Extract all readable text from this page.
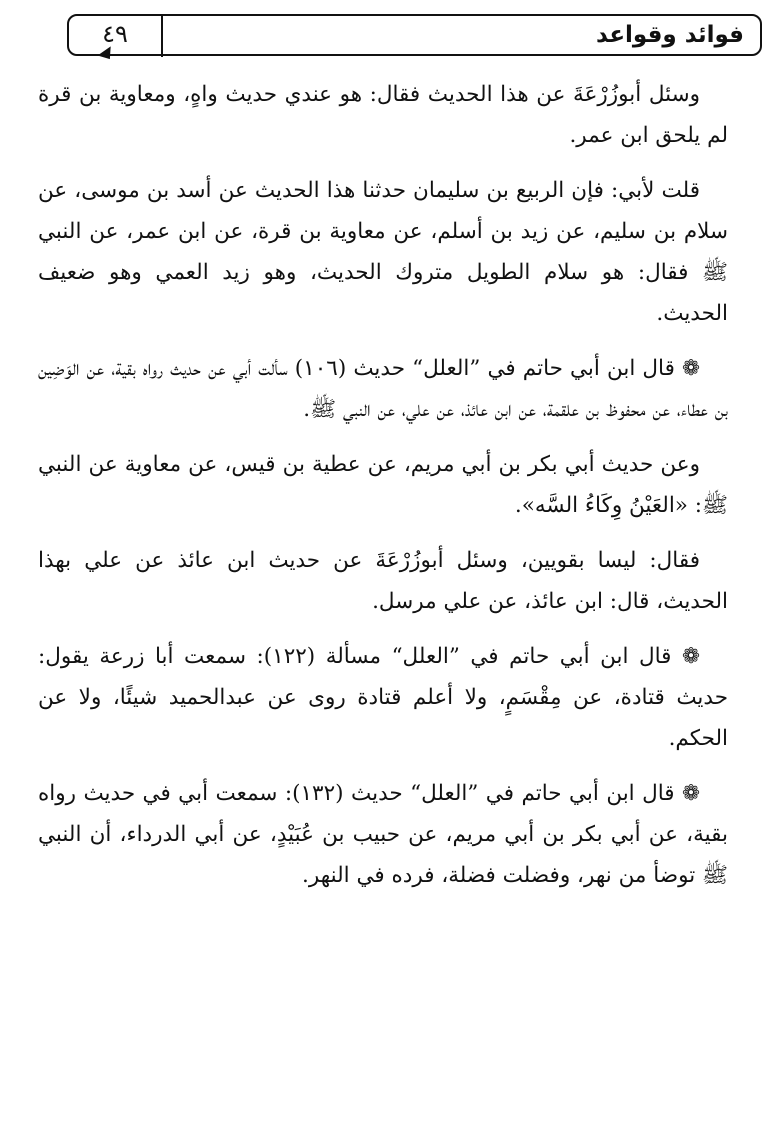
فوائد وقواعد
٤٩

وسئل أبوزُرْعَةَ عن هذا الحديث فقال: هو عندي حديث واهٍ، ومعاوية بن قرة لم يلحق ابن عمر.

قلت لأبي: فإن الربيع بن سليمان حدثنا هذا الحديث عن أسد بن موسى، عن سلام بن سليم، عن زيد بن أسلم، عن معاوية بن قرة، عن ابن عمر، عن النبي ﷺ فقال: هو سلام الطويل متروك الحديث، وهو زيد العمي وهو ضعيف الحديث.

❁ قال ابن أبي حاتم في ”العلل“ حديث (١٠٦) سألت أبي عن حديث رواه بقية، عن الوَضِين بن عطاء، عن محفوظ بن علقمة، عن ابن عائذ، عن علي، عن النبي ﷺ.

وعن حديث أبي بكر بن أبي مريم، عن عطية بن قيس، عن معاوية عن النبي ﷺ: «العَيْنُ وِكَاءُ السَّه».

فقال: ليسا بقويين، وسئل أبوزُرْعَةَ عن حديث ابن عائذ عن علي بهذا الحديث، قال: ابن عائذ، عن علي مرسل.

❁ قال ابن أبي حاتم في ”العلل“ مسألة (١٢٢): سمعت أبا زرعة يقول: حديث قتادة، عن مِقْسَمٍ، ولا أعلم قتادة روى عن عبدالحميد شيئًا، ولا عن الحكم.

❁ قال ابن أبي حاتم في ”العلل“ حديث (١٣٢): سمعت أبي في حديث رواه بقية، عن أبي بكر بن أبي مريم، عن حبيب بن عُبَيْدٍ، عن أبي الدرداء، أن النبي ﷺ توضأ من نهر، وفضلت فضلة، فرده في النهر.
